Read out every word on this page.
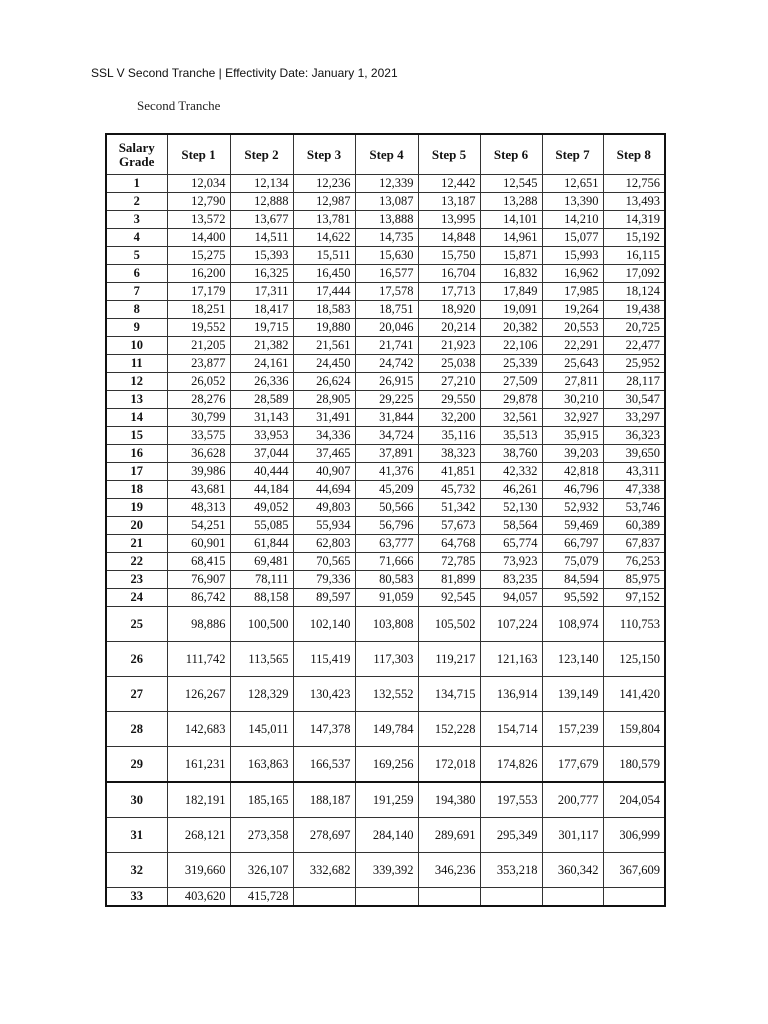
SSL V Second Tranche | Effectivity Date: January 1, 2021
Second Tranche
Salary Grade	Step 1	Step 2	Step 3	Step 4	Step 5	Step 6	Step 7	Step 8
1	12,034	12,134	12,236	12,339	12,442	12,545	12,651	12,756
2	12,790	12,888	12,987	13,087	13,187	13,288	13,390	13,493
3	13,572	13,677	13,781	13,888	13,995	14,101	14,210	14,319
4	14,400	14,511	14,622	14,735	14,848	14,961	15,077	15,192
5	15,275	15,393	15,511	15,630	15,750	15,871	15,993	16,115
6	16,200	16,325	16,450	16,577	16,704	16,832	16,962	17,092
7	17,179	17,311	17,444	17,578	17,713	17,849	17,985	18,124
8	18,251	18,417	18,583	18,751	18,920	19,091	19,264	19,438
9	19,552	19,715	19,880	20,046	20,214	20,382	20,553	20,725
10	21,205	21,382	21,561	21,741	21,923	22,106	22,291	22,477
11	23,877	24,161	24,450	24,742	25,038	25,339	25,643	25,952
12	26,052	26,336	26,624	26,915	27,210	27,509	27,811	28,117
13	28,276	28,589	28,905	29,225	29,550	29,878	30,210	30,547
14	30,799	31,143	31,491	31,844	32,200	32,561	32,927	33,297
15	33,575	33,953	34,336	34,724	35,116	35,513	35,915	36,323
16	36,628	37,044	37,465	37,891	38,323	38,760	39,203	39,650
17	39,986	40,444	40,907	41,376	41,851	42,332	42,818	43,311
18	43,681	44,184	44,694	45,209	45,732	46,261	46,796	47,338
19	48,313	49,052	49,803	50,566	51,342	52,130	52,932	53,746
20	54,251	55,085	55,934	56,796	57,673	58,564	59,469	60,389
21	60,901	61,844	62,803	63,777	64,768	65,774	66,797	67,837
22	68,415	69,481	70,565	71,666	72,785	73,923	75,079	76,253
23	76,907	78,111	79,336	80,583	81,899	83,235	84,594	85,975
24	86,742	88,158	89,597	91,059	92,545	94,057	95,592	97,152
25	98,886	100,500	102,140	103,808	105,502	107,224	108,974	110,753
26	111,742	113,565	115,419	117,303	119,217	121,163	123,140	125,150
27	126,267	128,329	130,423	132,552	134,715	136,914	139,149	141,420
28	142,683	145,011	147,378	149,784	152,228	154,714	157,239	159,804
29	161,231	163,863	166,537	169,256	172,018	174,826	177,679	180,579
30	182,191	185,165	188,187	191,259	194,380	197,553	200,777	204,054
31	268,121	273,358	278,697	284,140	289,691	295,349	301,117	306,999
32	319,660	326,107	332,682	339,392	346,236	353,218	360,342	367,609
33	403,620	415,728						
